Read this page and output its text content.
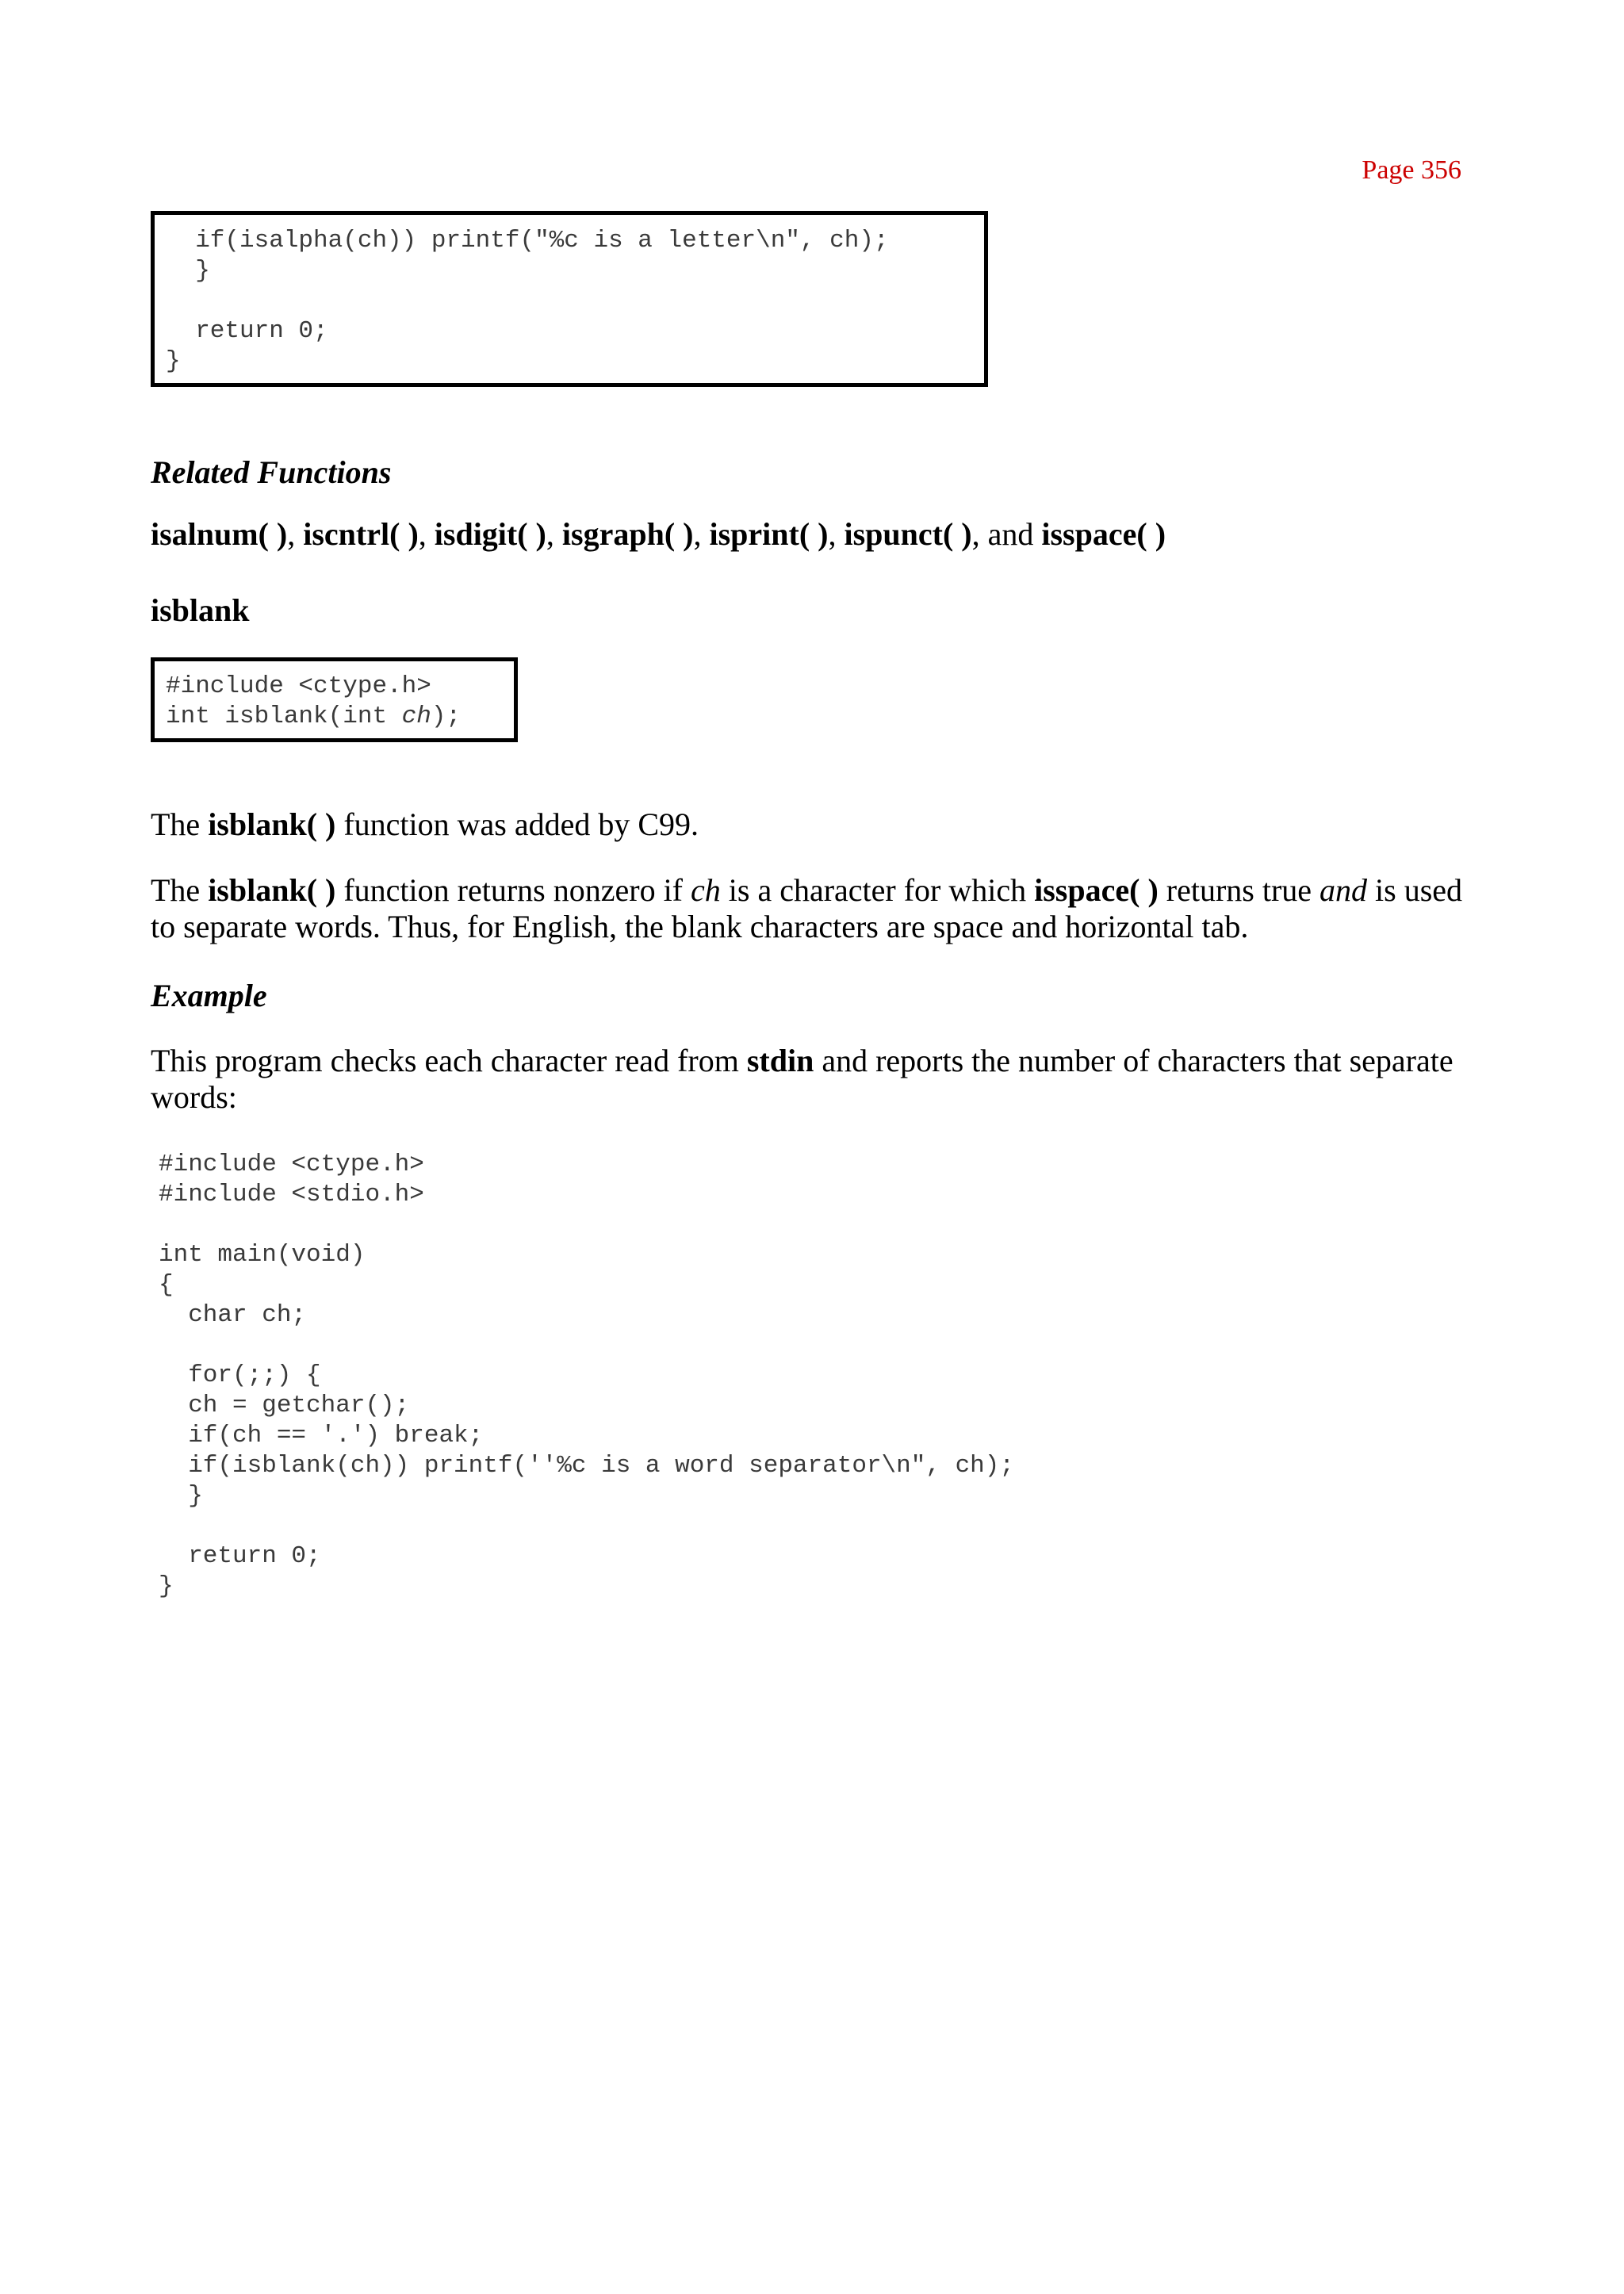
Page 356
if(isalpha(ch)) printf("%c is a letter\n", ch);
}

return 0;
}
Related Functions
isalnum( ), iscntrl( ), isdigit( ), isgraph( ), isprint( ), ispunct( ), and isspace( )
isblank
#include <ctype.h>
int isblank(int ch);
The isblank( ) function was added by C99.
The isblank( ) function returns nonzero if ch is a character for which isspace( ) returns true and is used to separate words. Thus, for English, the blank characters are space and horizontal tab.
Example
This program checks each character read from stdin and reports the number of characters that separate words:
#include <ctype.h>
#include <stdio.h>

int main(void)
{
char ch;

for(;;) {
ch = getchar();
if(ch == '.') break;
if(isblank(ch)) printf(''%c is a word separator\n", ch);
}

return 0;
}
